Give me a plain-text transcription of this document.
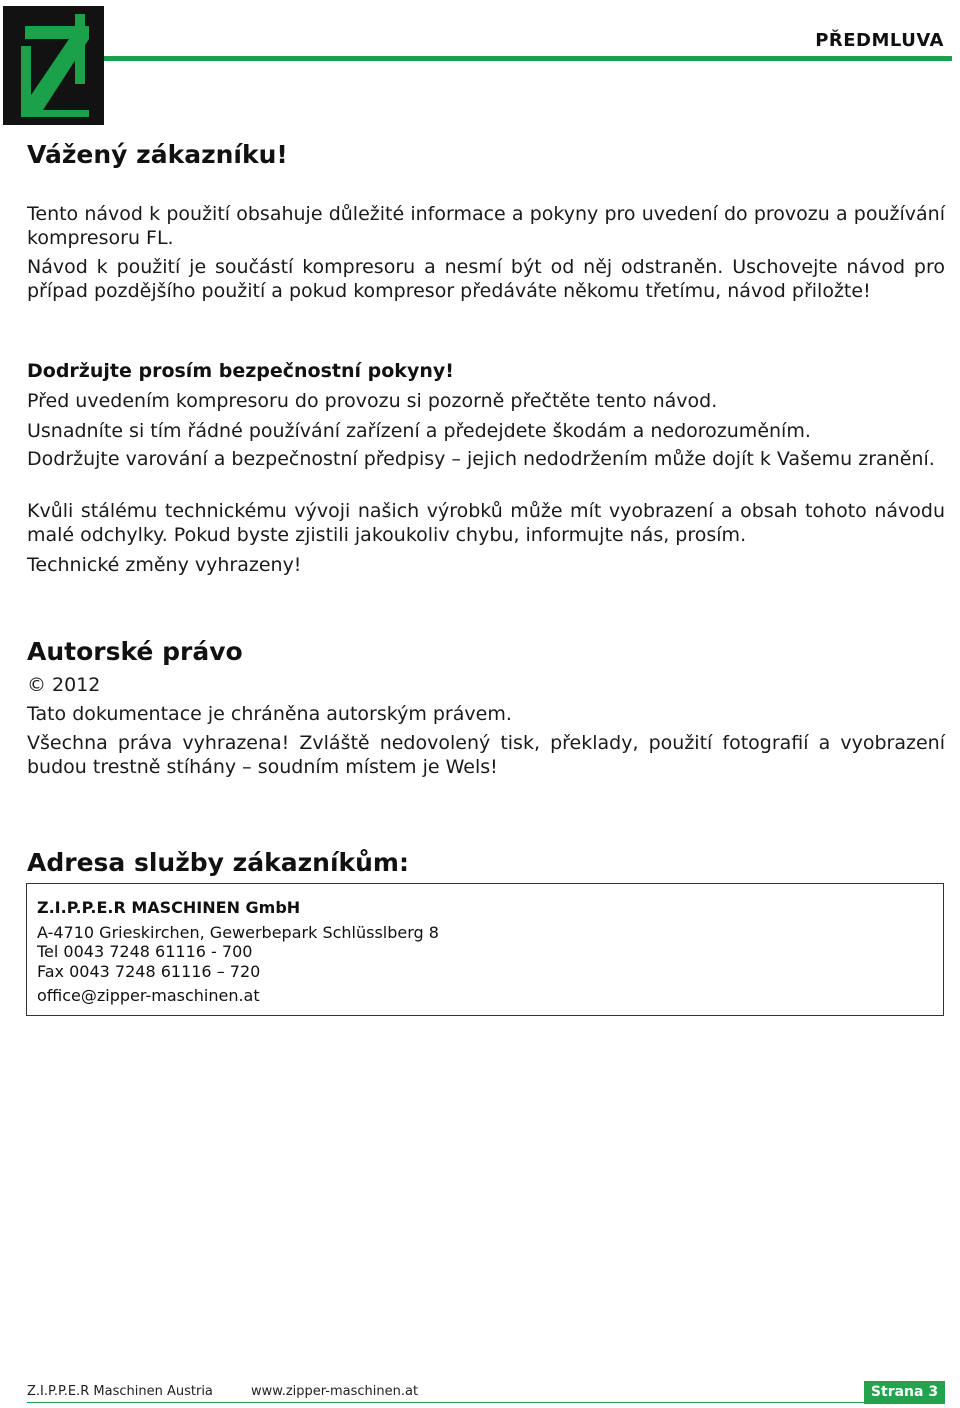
PŘEDMLUVA
Vážený zákazníku!

Tento návod k použití obsahuje důležité informace a pokyny pro uvedení do provozu a používání kompresoru FL.

Návod k použití je součástí kompresoru a nesmí být od něj odstraněn. Uschovejte návod pro případ pozdějšího použití a pokud kompresor předáváte někomu třetímu, návod přiložte!

Dodržujte prosím bezpečnostní pokyny!

Před uvedením kompresoru do provozu si pozorně přečtěte tento návod.

Usnadníte si tím řádné používání zařízení a předejdete škodám a nedorozuměním.

Dodržujte varování a bezpečnostní předpisy – jejich nedodržením může dojít k Vašemu zranění.

Kvůli stálému technickému vývoji našich výrobků může mít vyobrazení a obsah tohoto návodu malé odchylky. Pokud byste zjistili jakoukoliv chybu, informujte nás, prosím.

Technické změny vyhrazeny!

Autorské právo

© 2012

Tato dokumentace je chráněna autorským právem.

Všechna práva vyhrazena! Zvláště nedovolený tisk, překlady, použití fotografií a vyobrazení budou trestně stíhány – soudním místem je Wels!

Adresa služby zákazníkům:
Z.I.P.P.E.R MASCHINEN GmbH
A-4710 Grieskirchen, Gewerbepark Schlüsslberg 8
Tel 0043 7248 61116 - 700
Fax 0043 7248 61116 – 720
office@zipper-maschinen.at
Z.I.P.P.E.R Maschinen Austria	www.zipper-maschinen.at	Strana 3
